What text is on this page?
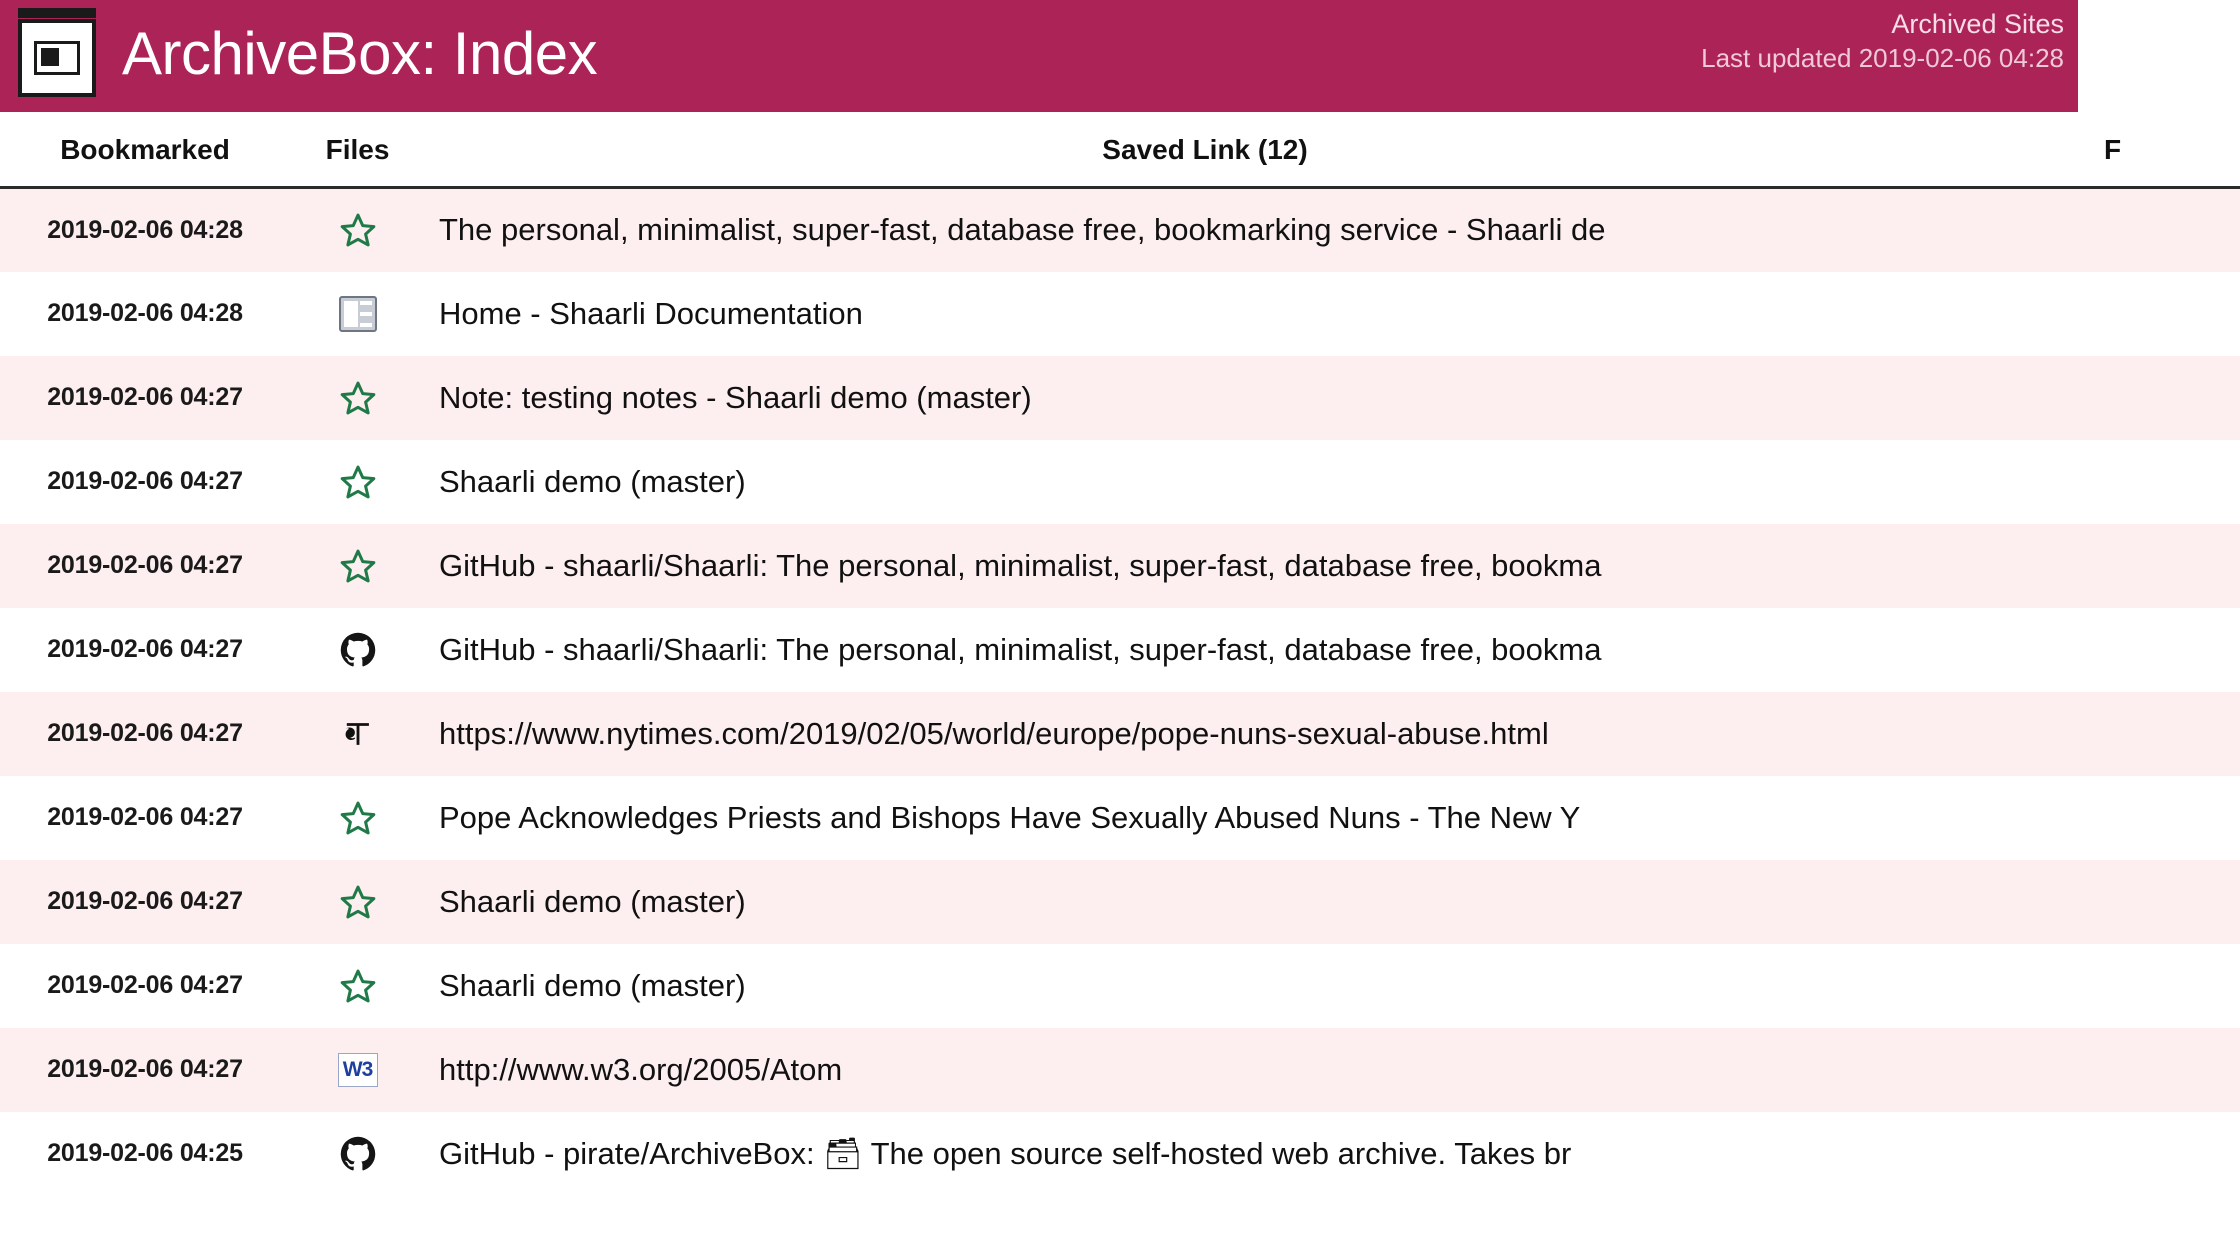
ArchiveBox: Index	Archived Sites
Last updated 2019-02-06 04:28
Bookmarked	Files	Saved Link (12)	F
2019-02-06 04:28		The personal, minimalist, super-fast, database free, bookmarking service - Shaarli de	
2019-02-06 04:28		Home - Shaarli Documentation	
2019-02-06 04:27		Note: testing notes - Shaarli demo (master)	
2019-02-06 04:27		Shaarli demo (master)	
2019-02-06 04:27		GitHub - shaarli/Shaarli: The personal, minimalist, super-fast, database free, bookma	
2019-02-06 04:27		GitHub - shaarli/Shaarli: The personal, minimalist, super-fast, database free, bookma	
2019-02-06 04:27		https://www.nytimes.com/2019/02/05/world/europe/pope-nuns-sexual-abuse.html	
2019-02-06 04:27		Pope Acknowledges Priests and Bishops Have Sexually Abused Nuns - The New Y	
2019-02-06 04:27		Shaarli demo (master)	
2019-02-06 04:27		Shaarli demo (master)	
2019-02-06 04:27	W3	http://www.w3.org/2005/Atom	
2019-02-06 04:25		GitHub - pirate/ArchiveBox: 🗃 The open source self-hosted web archive. Takes br	
